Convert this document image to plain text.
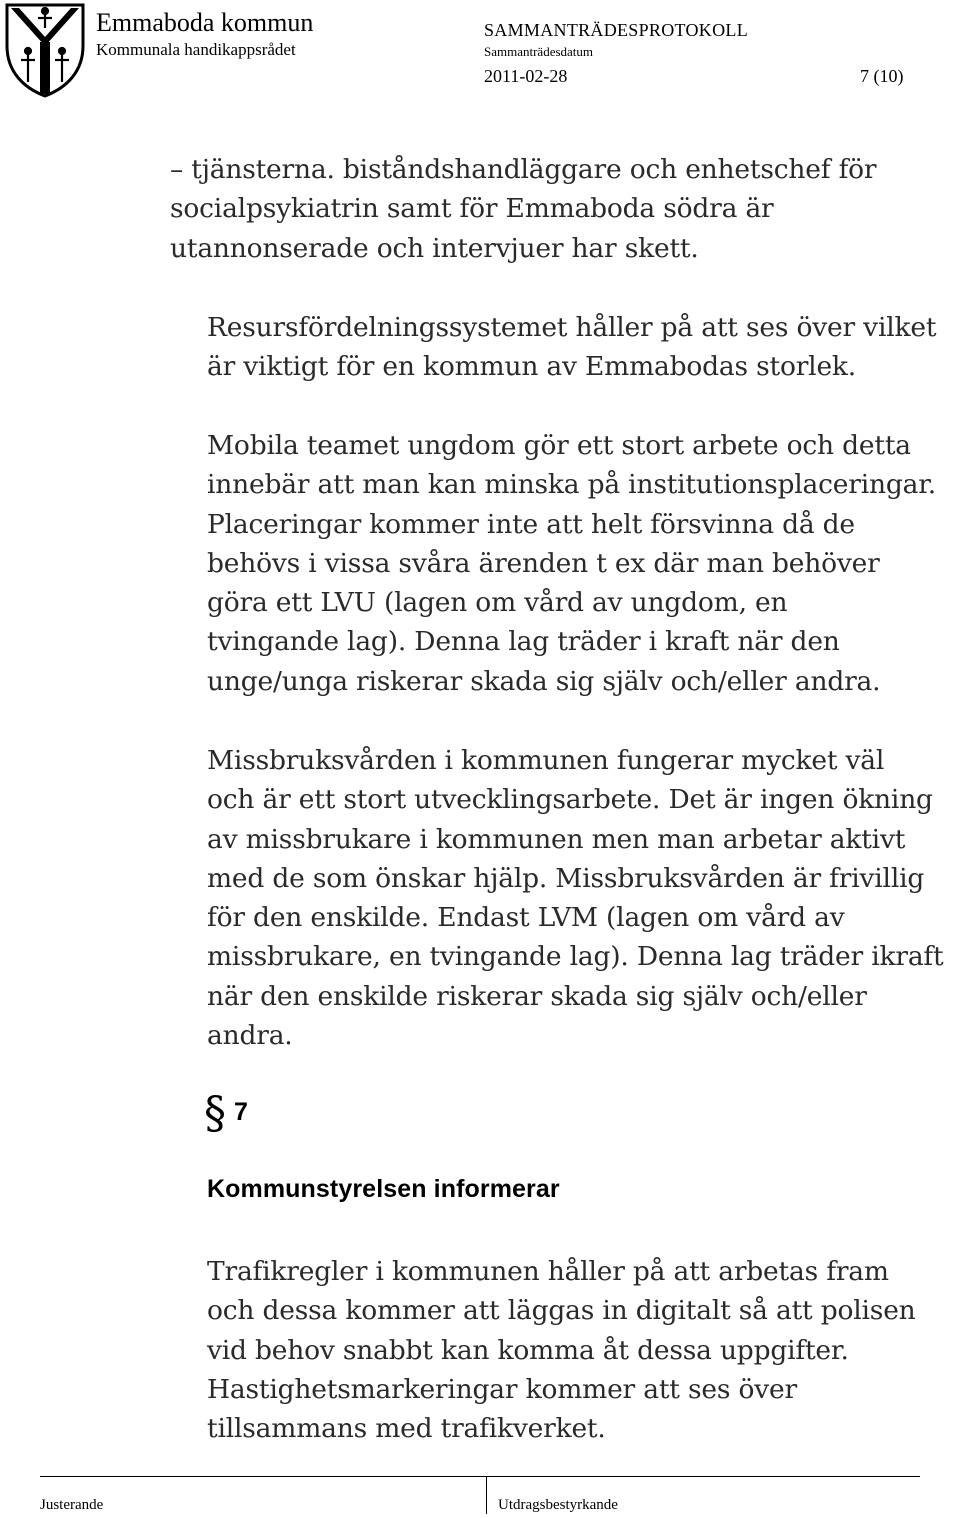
Emmaboda kommun
Kommunala handikappsrådet
SAMMANTRÄDESPROTOKOLL
Sammanträdesdatum
2011-02-28	7 (10)

– tjänsterna. biståndshandläggare och enhetschef för
socialpsykiatrin samt för Emmaboda södra är
utannonserade och intervjuer har skett.

Resursfördelningssystemet håller på att ses över vilket
är viktigt för en kommun av Emmabodas storlek.

Mobila teamet ungdom gör ett stort arbete och detta
innebär att man kan minska på institutionsplaceringar.
Placeringar kommer inte att helt försvinna då de
behövs i vissa svåra ärenden t ex där man behöver
göra ett LVU (lagen om vård av ungdom, en
tvingande lag). Denna lag träder i kraft när den
unge/unga riskerar skada sig själv och/eller andra.

Missbruksvården i kommunen fungerar mycket väl
och är ett stort utvecklingsarbete. Det är ingen ökning
av missbrukare i kommunen men man arbetar aktivt
med de som önskar hjälp. Missbruksvården är frivillig
för den enskilde. Endast LVM (lagen om vård av
missbrukare, en tvingande lag). Denna lag träder ikraft
när den enskilde riskerar skada sig själv och/eller
andra.

§ 7
Kommunstyrelsen informerar

Trafikregler i kommunen håller på att arbetas fram
och dessa kommer att läggas in digitalt så att polisen
vid behov snabbt kan komma åt dessa uppgifter.
Hastighetsmarkeringar kommer att ses över
tillsammans med trafikverket.

Justerande	Utdragsbestyrkande
